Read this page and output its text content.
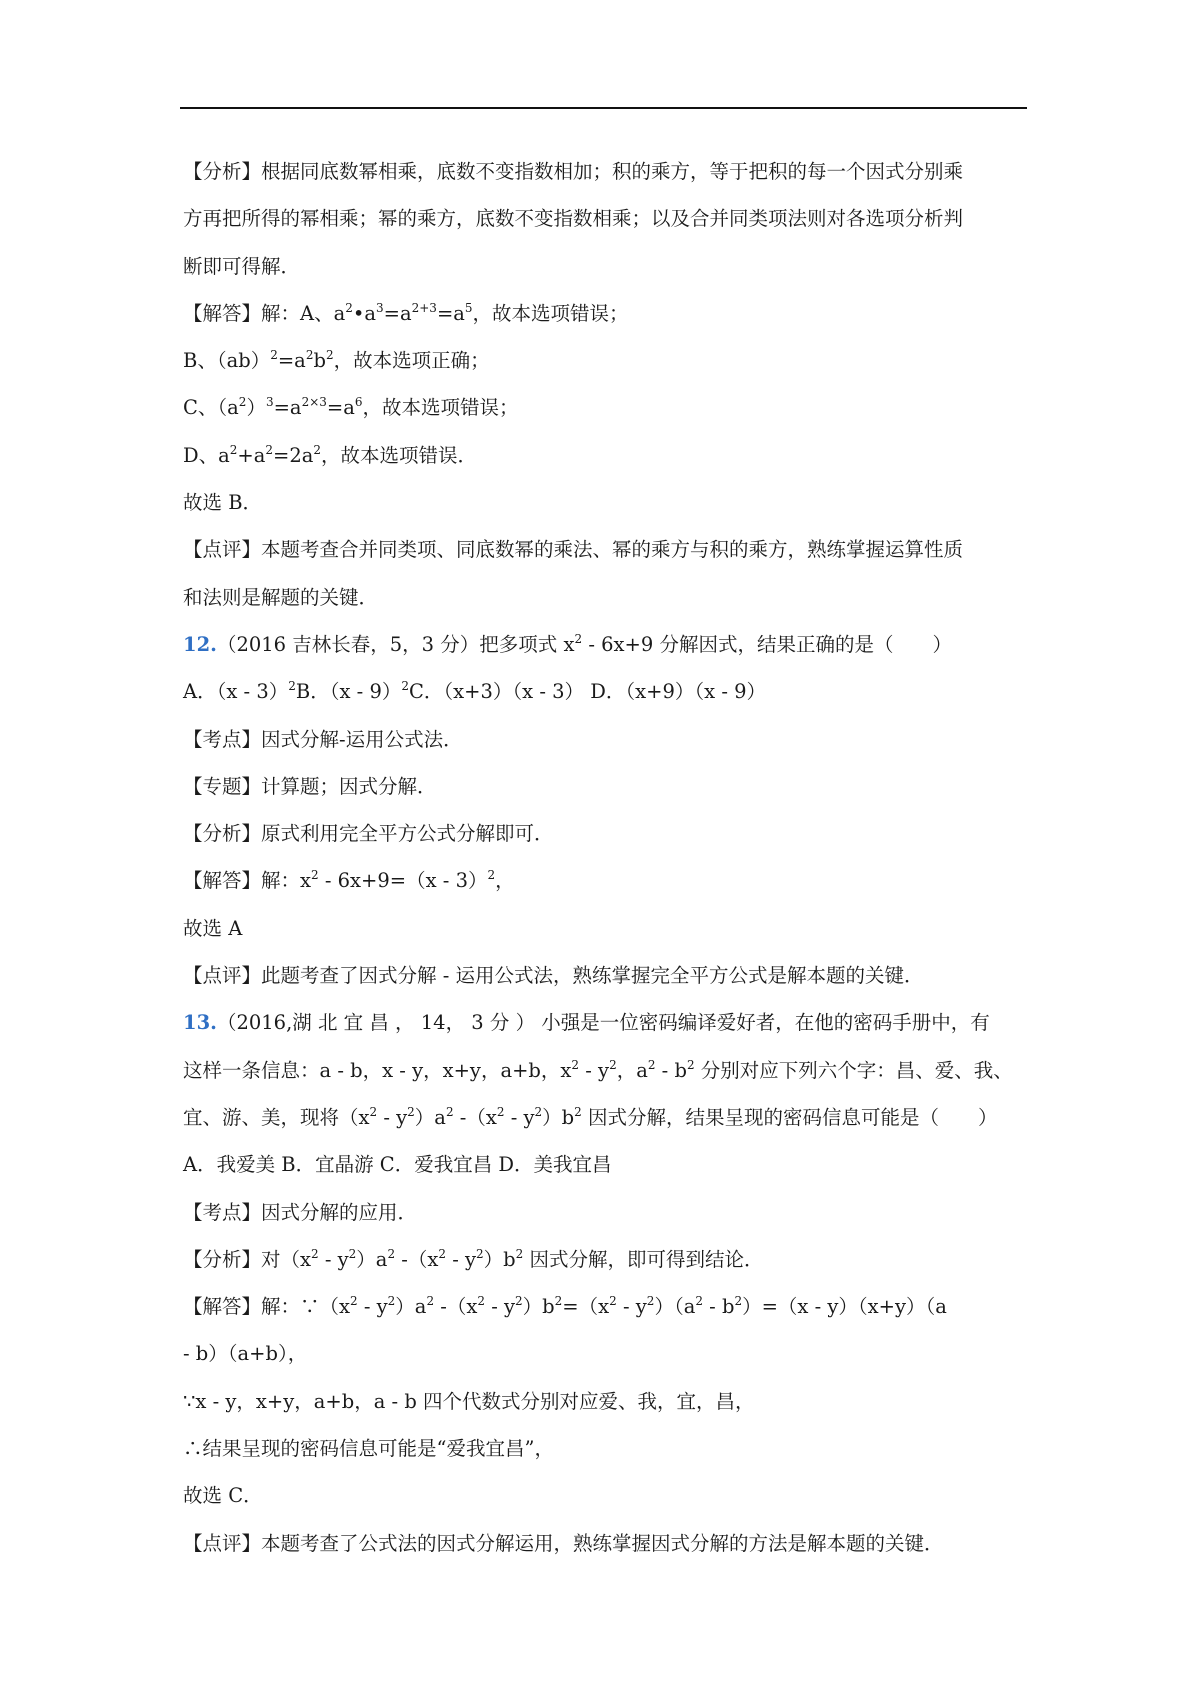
【分析】根据同底数幂相乘，底数不变指数相加；积的乘方，等于把积的每一个因式分别乘
方再把所得的幂相乘；幂的乘方，底数不变指数相乘；以及合并同类项法则对各选项分析判
断即可得解．
【解答】解：A、$a^2•a^3=a^{2+3}=a^5$，故本选项错误；
B、$(ab)^2=a^2b^2$，故本选项正确；
C、$(a^2)^3=a^{2\times 3}=a^6$，故本选项错误；
D、$a^2+a^2=2a^2$，故本选项错误．
故选 B．
【点评】本题考查合并同类项、同底数幂的乘法、幂的乘方与积的乘方，熟练掌握运算性质
和法则是解题的关键．
12.（2016 吉林长春，5，3 分）把多项式 $x^2 - 6x+9$ 分解因式，结果正确的是（　　）
A．（x - 3）$^2$B．（x - 9）$^2$C．（x+3）（x - 3） D．（x+9）（x - 9）
【考点】因式分解-运用公式法．
【专题】计算题；因式分解．
【分析】原式利用完全平方公式分解即可．
【解答】解：$x^2 - 6x+9=(x - 3)^2$，
故选 A
【点评】此题考查了因式分解 - 运用公式法，熟练掌握完全平方公式是解本题的关键．
13.（2016,湖 北 宜 昌 ， 14， 3 分 ） 小强是一位密码编译爱好者，在他的密码手册中，有
这样一条信息：a - b，x - y，x+y，a+b，$x^2 - y^2$，$a^2 - b^2$ 分别对应下列六个字：昌、爱、我、
宜、游、美，现将$(x^2 - y^2)a^2$ $-(x^2 - y^2)b^2$ 因式分解，结果呈现的密码信息可能是（　　）
A．我爱美 B．宜晶游 C．爱我宜昌 D．美我宜昌
【考点】因式分解的应用．
【分析】对$(x^2 - y^2)a^2$ $-(x^2 - y^2)b^2$ 因式分解，即可得到结论．
【解答】解：$\because(x^2 - y^2)a^2$ $-(x^2 - y^2)b^2=(x^2 - y^2)(a^2 - b^2)=(x - y)(x+y)(a$
- b）（a+b），
∵x - y，x+y，a+b，a - b 四个代数式分别对应爱、我，宜，昌，
∴结果呈现的密码信息可能是“爱我宜昌”，
故选 C．
【点评】本题考查了公式法的因式分解运用，熟练掌握因式分解的方法是解本题的关键．
